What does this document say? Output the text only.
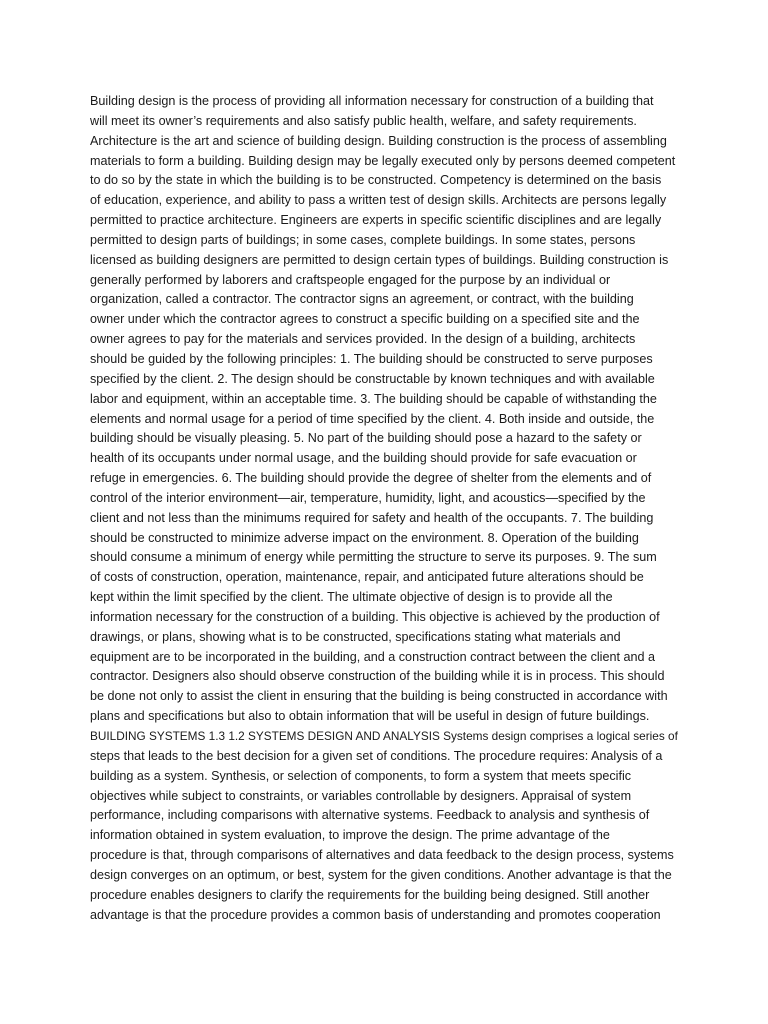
Building design is the process of providing all information necessary for construction of a building that
will meet its owner’s requirements and also satisfy public health, welfare, and safety requirements.
Architecture is the art and science of building design. Building construction is the process of assembling
materials to form a building. Building design may be legally executed only by persons deemed competent
to do so by the state in which the building is to be constructed. Competency is determined on the basis
of education, experience, and ability to pass a written test of design skills. Architects are persons legally
permitted to practice architecture. Engineers are experts in specific scientific disciplines and are legally
permitted to design parts of buildings; in some cases, complete buildings. In some states, persons
licensed as building designers are permitted to design certain types of buildings. Building construction is
generally performed by laborers and craftspeople engaged for the purpose by an individual or
organization, called a contractor. The contractor signs an agreement, or contract, with the building
owner under which the contractor agrees to construct a specific building on a specified site and the
owner agrees to pay for the materials and services provided. In the design of a building, architects
should be guided by the following principles: 1. The building should be constructed to serve purposes
specified by the client. 2. The design should be constructable by known techniques and with available
labor and equipment, within an acceptable time. 3. The building should be capable of withstanding the
elements and normal usage for a period of time specified by the client. 4. Both inside and outside, the
building should be visually pleasing. 5. No part of the building should pose a hazard to the safety or
health of its occupants under normal usage, and the building should provide for safe evacuation or
refuge in emergencies. 6. The building should provide the degree of shelter from the elements and of
control of the interior environment—air, temperature, humidity, light, and acoustics—specified by the
client and not less than the minimums required for safety and health of the occupants. 7. The building
should be constructed to minimize adverse impact on the environment. 8. Operation of the building
should consume a minimum of energy while permitting the structure to serve its purposes. 9. The sum
of costs of construction, operation, maintenance, repair, and anticipated future alterations should be
kept within the limit specified by the client. The ultimate objective of design is to provide all the
information necessary for the construction of a building. This objective is achieved by the production of
drawings, or plans, showing what is to be constructed, specifications stating what materials and
equipment are to be incorporated in the building, and a construction contract between the client and a
contractor. Designers also should observe construction of the building while it is in process. This should
be done not only to assist the client in ensuring that the building is being constructed in accordance with
plans and specifications but also to obtain information that will be useful in design of future buildings.
BUILDING SYSTEMS 1.3 1.2 SYSTEMS DESIGN AND ANALYSIS Systems design comprises a logical series of
steps that leads to the best decision for a given set of conditions. The procedure requires: Analysis of a
building as a system. Synthesis, or selection of components, to form a system that meets specific
objectives while subject to constraints, or variables controllable by designers. Appraisal of system
performance, including comparisons with alternative systems. Feedback to analysis and synthesis of
information obtained in system evaluation, to improve the design. The prime advantage of the
procedure is that, through comparisons of alternatives and data feedback to the design process, systems
design converges on an optimum, or best, system for the given conditions. Another advantage is that the
procedure enables designers to clarify the requirements for the building being designed. Still another
advantage is that the procedure provides a common basis of understanding and promotes cooperation
